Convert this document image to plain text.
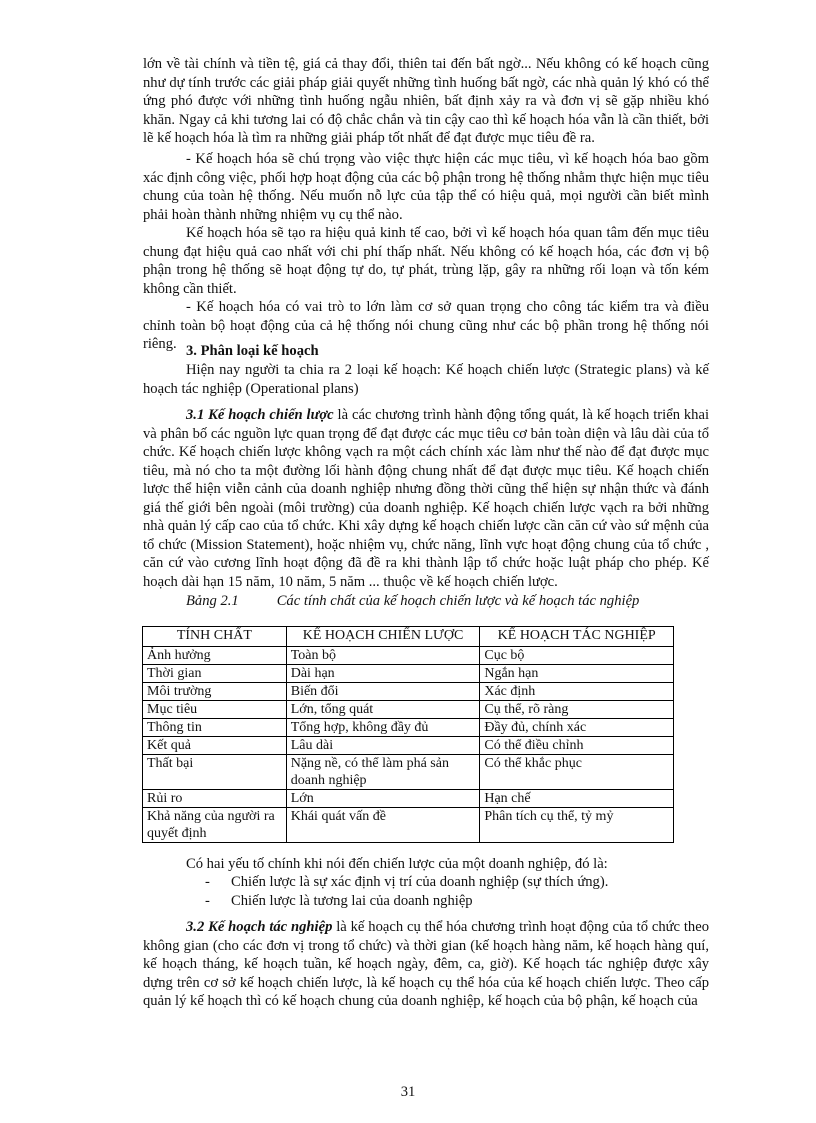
lớn về tài chính và tiền tệ, giá cả thay đổi, thiên tai đến bất ngờ... Nếu không có kế hoạch cũng như dự tính trước các giải pháp giải quyết những tình huống bất ngờ, các nhà quản lý khó có thể ứng phó được với những tình huống ngẫu nhiên, bất định xảy ra và đơn vị sẽ gặp nhiều khó khăn. Ngay cả khi tương lai có độ chắc chắn và tin cậy cao thì kế hoạch hóa vẫn là cần thiết, bởi lẽ kế hoạch hóa là tìm ra những giải pháp tốt nhất để đạt được mục tiêu đề ra.

- Kế hoạch hóa sẽ chú trọng vào việc thực hiện các mục tiêu, vì kế hoạch hóa bao gồm xác định công việc, phối hợp hoạt động của các bộ phận trong hệ thống nhằm thực hiện mục tiêu chung của toàn hệ thống. Nếu muốn nỗ lực của tập thể có hiệu quả, mọi người cần biết mình phải hoàn thành những nhiệm vụ cụ thể nào.

Kế hoạch hóa sẽ tạo ra hiệu quả kinh tế cao, bởi vì kế hoạch hóa quan tâm đến mục tiêu chung đạt hiệu quả cao nhất với chi phí thấp nhất. Nếu không có kế hoạch hóa, các đơn vị bộ phận trong hệ thống sẽ hoạt động tự do, tự phát, trùng lặp, gây ra những rối loạn và tốn kém không cần thiết.

- Kế hoạch hóa có vai trò to lớn làm cơ sở quan trọng cho công tác kiểm tra và điều chỉnh toàn bộ hoạt động của cả hệ thống nói chung cũng như các bộ phần trong hệ thống nói riêng. 3. Phân loại kế hoạch

Hiện nay người ta chia ra 2 loại kế hoạch: Kế hoạch chiến lược (Strategic plans) và kế hoạch tác nghiệp (Operational plans)

3.1 Kế hoạch chiến lược là các chương trình hành động tổng quát, là kế hoạch triển khai và phân bố các nguồn lực quan trọng để đạt được các mục tiêu cơ bản toàn diện và lâu dài của tổ chức. Kế hoạch chiến lược không vạch ra một cách chính xác làm như thế nào để đạt được mục tiêu, mà nó cho ta một đường lối hành động chung nhất để đạt được mục tiêu. Kế hoạch chiến lược thể hiện viễn cảnh của doanh nghiệp nhưng đồng thời cũng thể hiện sự nhận thức và đánh giá thế giới bên ngoài (môi trường) của doanh nghiệp. Kế hoạch chiến lược vạch ra bởi những nhà quản lý cấp cao của tổ chức. Khi xây dựng kế hoạch chiến lược cần căn cứ vào sứ mệnh của tổ chức (Mission Statement), hoặc nhiệm vụ, chức năng, lĩnh vực hoạt động chung của tổ chức , căn cứ vào cương lĩnh hoạt động đã đề ra khi thành lập tổ chức hoặc luật pháp cho phép. Kế hoạch dài hạn 15 năm, 10 năm, 5 năm ... thuộc về kế hoạch chiến lược.

Bảng 2.1	Các tính chất của kế hoạch chiến lược và kế hoạch tác nghiệp

TÍNH CHẤT	KẾ HOẠCH CHIẾN LƯỢC	KẾ HOẠCH TÁC NGHIỆP
Ảnh hưởng	Toàn bộ	Cục bộ
Thời gian	Dài hạn	Ngắn hạn
Môi trường	Biến đổi	Xác định
Mục tiêu	Lớn, tổng quát	Cụ thể, rõ ràng
Thông tin	Tổng hợp, không đầy đủ	Đầy đủ, chính xác
Kết quả	Lâu dài	Có thể điều chỉnh
Thất bại	Nặng nề, có thể làm phá sản doanh nghiệp	Có thể khắc phục
Rủi ro	Lớn	Hạn chế
Khả năng của người ra quyết định	Khái quát vấn đề	Phân tích cụ thể, tỷ mỷ

Có hai yếu tố chính khi nói đến chiến lược của một doanh nghiệp, đó là:

- Chiến lược là sự xác định vị trí của doanh nghiệp (sự thích ứng).

- Chiến lược là tương lai của doanh nghiệp

3.2 Kế hoạch tác nghiệp là kế hoạch cụ thể hóa chương trình hoạt động của tổ chức theo không gian (cho các đơn vị trong tổ chức) và thời gian (kế hoạch hàng năm, kế hoạch hàng quí, kế hoạch tháng, kế hoạch tuần, kế hoạch ngày, đêm, ca, giờ). Kế hoạch tác nghiệp được xây dựng trên cơ sở kế hoạch chiến lược, là kế hoạch cụ thể hóa của kế hoạch chiến lược. Theo cấp quản lý kế hoạch thì có kế hoạch chung của doanh nghiệp, kế hoạch của bộ phận, kế hoạch của

31
